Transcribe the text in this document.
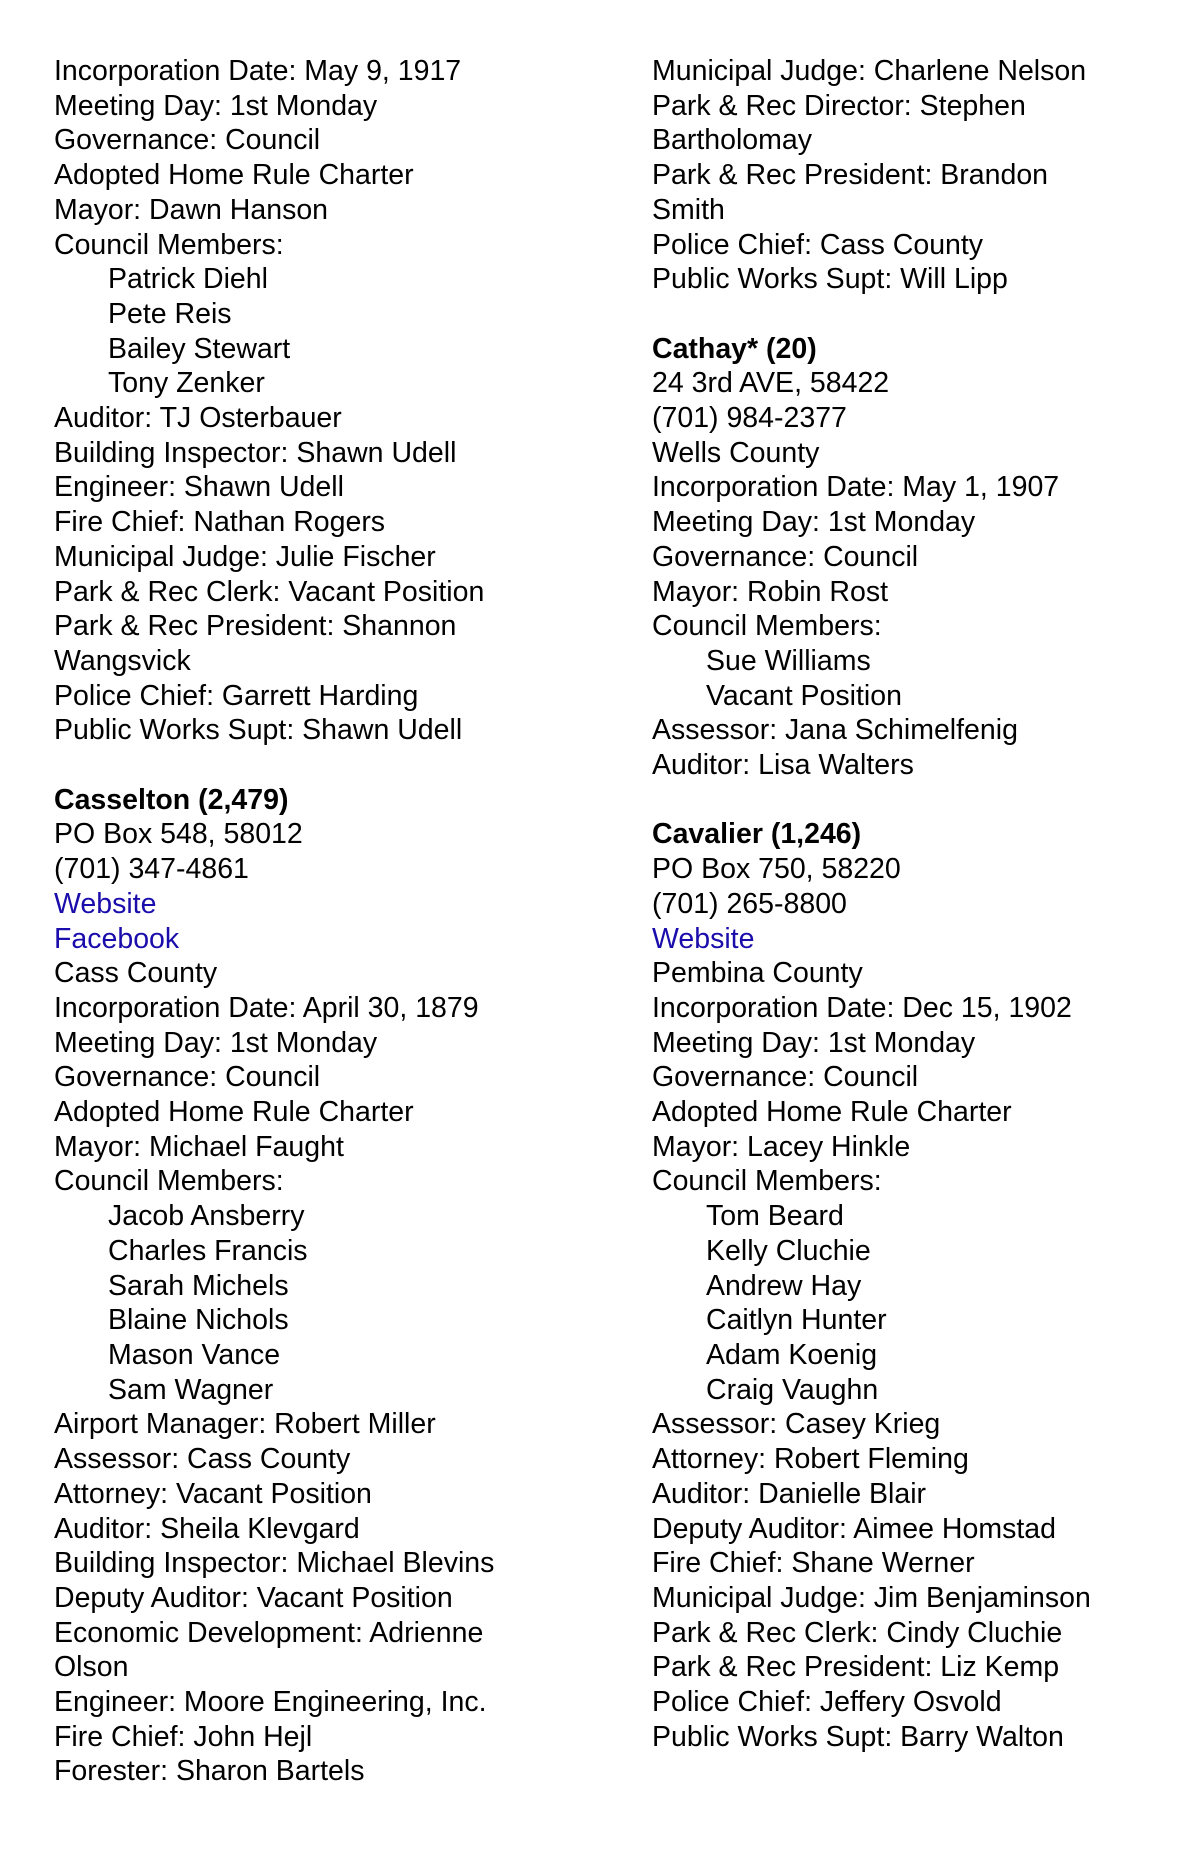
Incorporation Date: May 9, 1917
Meeting Day: 1st Monday
Governance: Council
Adopted Home Rule Charter
Mayor: Dawn Hanson
Council Members:
Patrick Diehl
Pete Reis
Bailey Stewart
Tony Zenker
Auditor: TJ Osterbauer
Building Inspector: Shawn Udell
Engineer: Shawn Udell
Fire Chief: Nathan Rogers
Municipal Judge: Julie Fischer
Park & Rec Clerk: Vacant Position
Park & Rec President: Shannon
Wangsvick
Police Chief: Garrett Harding
Public Works Supt: Shawn Udell
Casselton (2,479)
PO Box 548, 58012
(701) 347-4861
Website
Facebook
Cass County
Incorporation Date: April 30, 1879
Meeting Day: 1st Monday
Governance: Council
Adopted Home Rule Charter
Mayor: Michael Faught
Council Members:
Jacob Ansberry
Charles Francis
Sarah Michels
Blaine Nichols
Mason Vance
Sam Wagner
Airport Manager: Robert Miller
Assessor: Cass County
Attorney: Vacant Position
Auditor: Sheila Klevgard
Building Inspector: Michael Blevins
Deputy Auditor: Vacant Position
Economic Development: Adrienne
Olson
Engineer: Moore Engineering, Inc.
Fire Chief: John Hejl
Forester: Sharon Bartels
Municipal Judge: Charlene Nelson
Park & Rec Director: Stephen
Bartholomay
Park & Rec President: Brandon
Smith
Police Chief: Cass County
Public Works Supt: Will Lipp
Cathay* (20)
24 3rd AVE, 58422
(701) 984-2377
Wells County
Incorporation Date: May 1, 1907
Meeting Day: 1st Monday
Governance: Council
Mayor: Robin Rost
Council Members:
Sue Williams
Vacant Position
Assessor: Jana Schimelfenig
Auditor: Lisa Walters
Cavalier (1,246)
PO Box 750, 58220
(701) 265-8800
Website
Pembina County
Incorporation Date: Dec 15, 1902
Meeting Day: 1st Monday
Governance: Council
Adopted Home Rule Charter
Mayor: Lacey Hinkle
Council Members:
Tom Beard
Kelly Cluchie
Andrew Hay
Caitlyn Hunter
Adam Koenig
Craig Vaughn
Assessor: Casey Krieg
Attorney: Robert Fleming
Auditor: Danielle Blair
Deputy Auditor: Aimee Homstad
Fire Chief: Shane Werner
Municipal Judge: Jim Benjaminson
Park & Rec Clerk: Cindy Cluchie
Park & Rec President: Liz Kemp
Police Chief: Jeffery Osvold
Public Works Supt: Barry Walton
